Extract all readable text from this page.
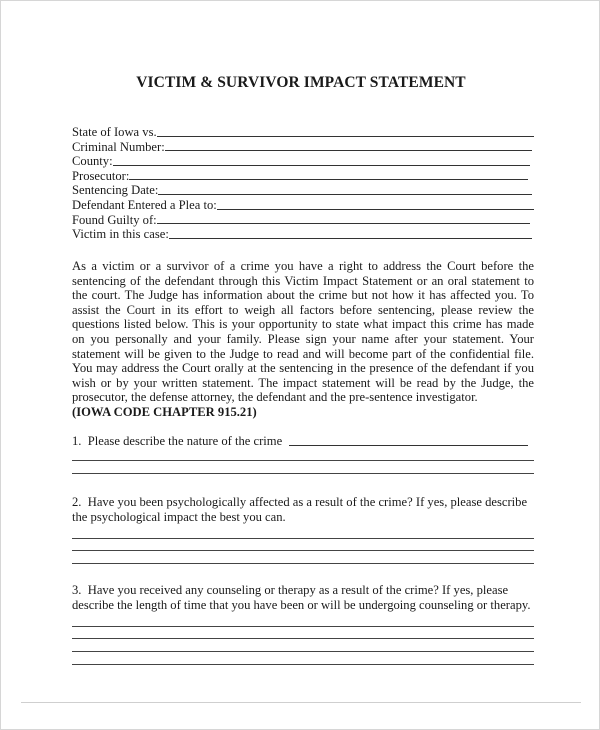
VICTIM & SURVIVOR IMPACT STATEMENT
State of Iowa vs.
Criminal Number:
County:
Prosecutor:
Sentencing Date:
Defendant Entered a Plea to:
Found Guilty of:
Victim in this case:
As a victim or a survivor of a crime you have a right to address the Court before the sentencing of the defendant through this Victim Impact Statement or an oral statement to the court. The Judge has information about the crime but not how it has affected you. To assist the Court in its effort to weigh all factors before sentencing, please review the questions listed below. This is your opportunity to state what impact this crime has made on you personally and your family. Please sign your name after your statement. Your statement will be given to the Judge to read and will become part of the confidential file. You may address the Court orally at the sentencing in the presence of the defendant if you wish or by your written statement. The impact statement will be read by the Judge, the prosecutor, the defense attorney, the defendant and the pre-sentence investigator.
(IOWA CODE CHAPTER 915.21)
1.
Please describe the nature of the crime
2. Have you been psychologically affected as a result of the crime? If yes, please describe the psychological impact the best you can.
3. Have you received any counseling or therapy as a result of the crime? If yes, please describe the length of time that you have been or will be undergoing counseling or therapy.
